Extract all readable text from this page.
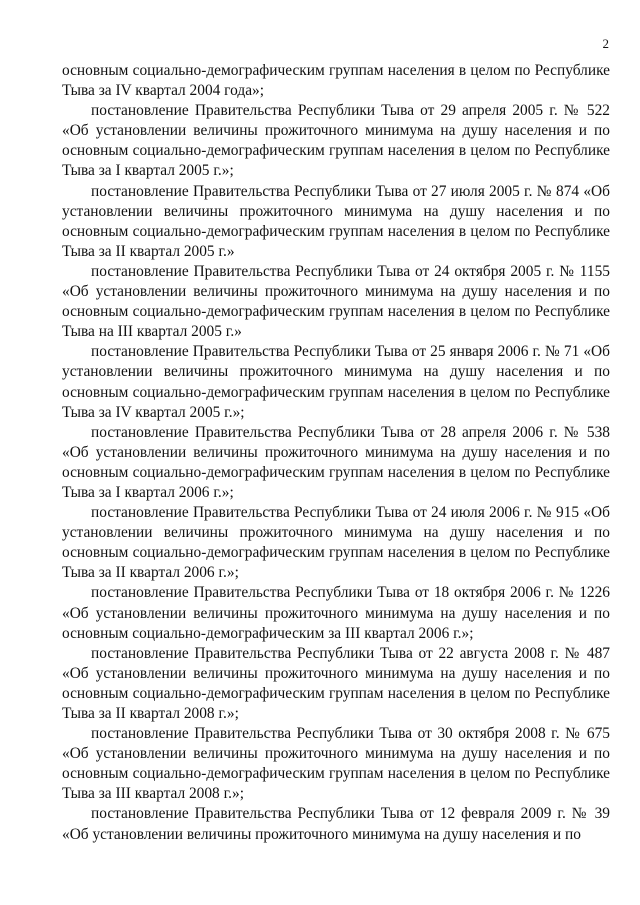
2

основным социально-демографическим группам населения в целом по Республике Тыва за IV квартал 2004 года»;

постановление Правительства Республики Тыва от 29 апреля 2005 г. № 522 «Об установлении величины прожиточного минимума на душу населения и по основным социально-демографическим группам населения в целом по Республике Тыва за I квартал 2005 г.»;

постановление Правительства Республики Тыва от 27 июля 2005 г. № 874 «Об установлении величины прожиточного минимума на душу населения и по основным социально-демографическим группам населения в целом по Республике Тыва за II квартал 2005 г.»

постановление Правительства Республики Тыва от 24 октября 2005 г. № 1155 «Об установлении величины прожиточного минимума на душу населения и по основным социально-демографическим группам населения в целом по Республике Тыва на III квартал 2005 г.»

постановление Правительства Республики Тыва от 25 января 2006 г. № 71 «Об установлении величины прожиточного минимума на душу населения и по основным социально-демографическим группам населения в целом по Республике Тыва за IV квартал 2005 г.»;

постановление Правительства Республики Тыва от 28 апреля 2006 г. № 538 «Об установлении величины прожиточного минимума на душу населения и по основным социально-демографическим группам населения в целом по Республике Тыва за I квартал 2006 г.»;

постановление Правительства Республики Тыва от 24 июля 2006 г. № 915 «Об установлении величины прожиточного минимума на душу населения и по основным социально-демографическим группам населения в целом по Республике Тыва за II квартал 2006 г.»;

постановление Правительства Республики Тыва от 18 октября 2006 г. № 1226 «Об установлении величины прожиточного минимума на душу населения и по основным социально-демографическим за III квартал 2006 г.»;

постановление Правительства Республики Тыва от 22 августа 2008 г. № 487 «Об установлении величины прожиточного минимума на душу населения и по основным социально-демографическим группам населения в целом по Республике Тыва за II квартал 2008 г.»;

постановление Правительства Республики Тыва от 30 октября 2008 г. № 675 «Об установлении величины прожиточного минимума на душу населения и по основным социально-демографическим группам населения в целом по Республике Тыва за III квартал 2008 г.»;

постановление Правительства Республики Тыва от 12 февраля 2009 г. № 39 «Об установлении величины прожиточного минимума на душу населения и по
